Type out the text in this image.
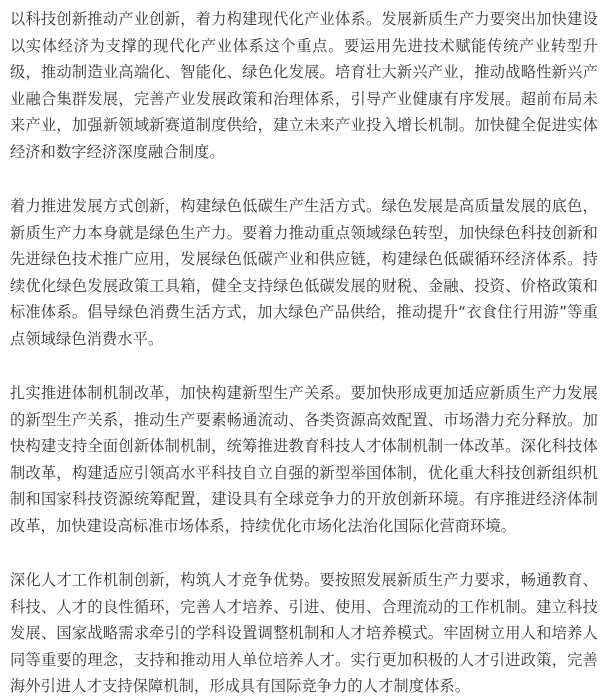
以科技创新推动产业创新，着力构建现代化产业体系。发展新质生产力要突出加快建设以实体经济为支撑的现代化产业体系这个重点。要运用先进技术赋能传统产业转型升级，推动制造业高端化、智能化、绿色化发展。培育壮大新兴产业，推动战略性新兴产业融合集群发展，完善产业发展政策和治理体系，引导产业健康有序发展。超前布局未来产业，加强新领域新赛道制度供给，建立未来产业投入增长机制。加快健全促进实体经济和数字经济深度融合制度。

着力推进发展方式创新，构建绿色低碳生产生活方式。绿色发展是高质量发展的底色，新质生产力本身就是绿色生产力。要着力推动重点领域绿色转型，加快绿色科技创新和先进绿色技术推广应用，发展绿色低碳产业和供应链，构建绿色低碳循环经济体系。持续优化绿色发展政策工具箱，健全支持绿色低碳发展的财税、金融、投资、价格政策和标准体系。倡导绿色消费生活方式，加大绿色产品供给，推动提升“衣食住行用游”等重点领域绿色消费水平。

扎实推进体制机制改革，加快构建新型生产关系。要加快形成更加适应新质生产力发展的新型生产关系，推动生产要素畅通流动、各类资源高效配置、市场潜力充分释放。加快构建支持全面创新体制机制，统筹推进教育科技人才体制机制一体改革。深化科技体制改革，构建适应引领高水平科技自立自强的新型举国体制，优化重大科技创新组织机制和国家科技资源统筹配置，建设具有全球竞争力的开放创新环境。有序推进经济体制改革，加快建设高标准市场体系，持续优化市场化法治化国际化营商环境。

深化人才工作机制创新，构筑人才竞争优势。要按照发展新质生产力要求，畅通教育、科技、人才的良性循环，完善人才培养、引进、使用、合理流动的工作机制。建立科技发展、国家战略需求牵引的学科设置调整机制和人才培养模式。牢固树立用人和培养人同等重要的理念，支持和推动用人单位培养人才。实行更加积极的人才引进政策，完善海外引进人才支持保障机制，形成具有国际竞争力的人才制度体系。
